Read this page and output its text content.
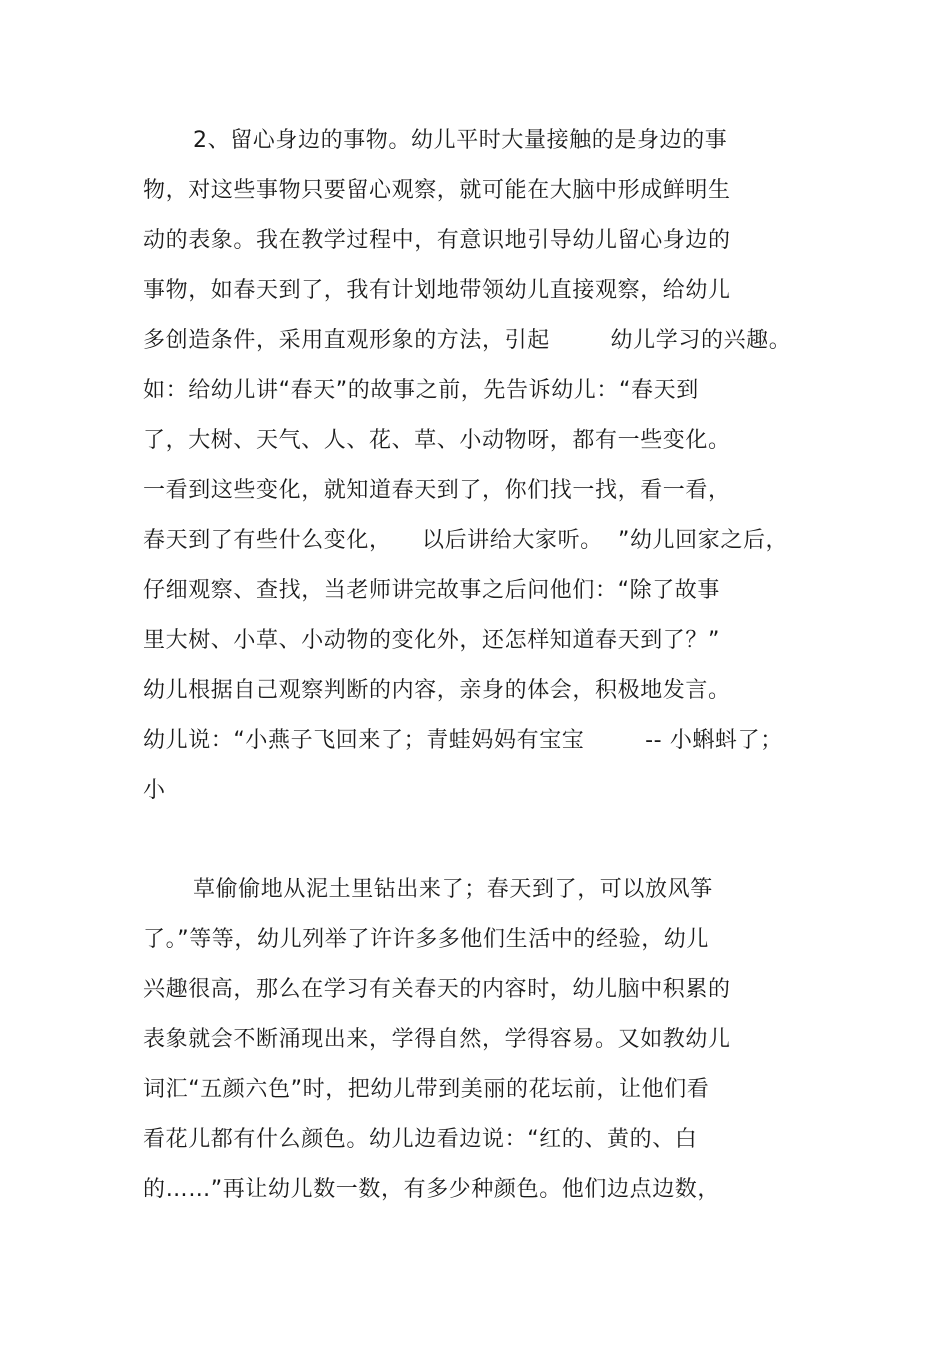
2、留心身边的事物。幼儿平时大量接触的是身边的事
物，对这些事物只要留心观察，就可能在大脑中形成鲜明生
动的表象。我在教学过程中，有意识地引导幼儿留心身边的
事物，如春天到了，我有计划地带领幼儿直接观察，给幼儿
多创造条件，采用直观形象的方法，引起        幼儿学习的兴趣。
如：给幼儿讲“春天”的故事之前，先告诉幼儿：“春天到
了，大树、天气、人、花、草、小动物呀，都有一些变化。
一看到这些变化，就知道春天到了，你们找一找，看一看，
春天到了有些什么变化，    以后讲给大家听。  ”幼儿回家之后，
仔细观察、查找，当老师讲完故事之后问他们：“除了故事
里大树、小草、小动物的变化外，还怎样知道春天到了？”
幼儿根据自己观察判断的内容，亲身的体会，积极地发言。
幼儿说：“小燕子飞回来了；青蛙妈妈有宝宝        -- 小蝌蚪了；
小
草偷偷地从泥土里钻出来了；春天到了，可以放风筝
了。”等等，幼儿列举了许许多多他们生活中的经验，幼儿
兴趣很高，那么在学习有关春天的内容时，幼儿脑中积累的
表象就会不断涌现出来，学得自然，学得容易。又如教幼儿
词汇“五颜六色”时，把幼儿带到美丽的花坛前，让他们看
看花儿都有什么颜色。幼儿边看边说：“红的、黄的、白
的……”再让幼儿数一数，有多少种颜色。他们边点边数，
